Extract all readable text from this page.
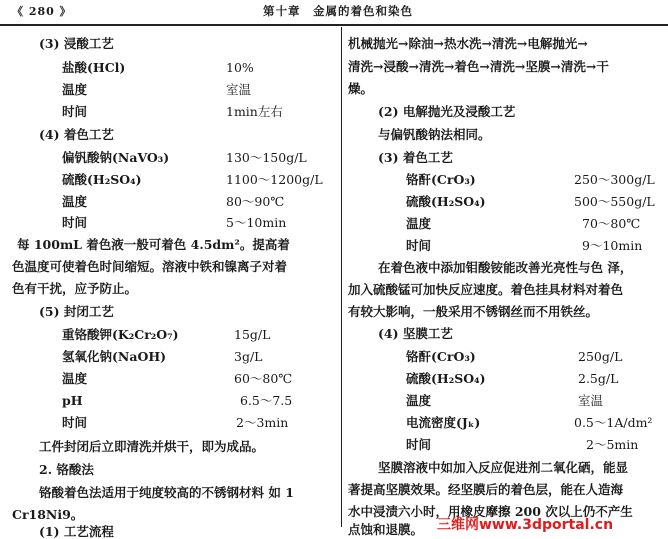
《 280 》	第十章　金属的着色和染色
(3) 浸酸工艺
盐酸(HCl)	10%
温度	室温
时间	1min左右
(4) 着色工艺
偏钒酸钠(NaVO₃)	130～150g/L
硫酸(H₂SO₄)	1100～1200g/L
温度	80～90℃
时间	5～10min
每 100mL 着色液一般可着色 4.5dm²。提高着
色温度可使着色时间缩短。溶液中铁和镍离子对着
色有干扰，应予防止。
(5) 封闭工艺
重铬酸钾(K₂Cr₂O₇)	15g/L
氢氧化钠(NaOH)	3g/L
温度	60～80℃
pH	6.5～7.5
时间	2～3min
工件封闭后立即清洗并烘干，即为成品。
2. 铬酸法
铬酸着色法适用于纯度较高的不锈钢材料 如 1
Cr18Ni9。
(1) 工艺流程
机械抛光→除油→热水洗→清洗→电解抛光→
清洗→浸酸→清洗→着色→清洗→坚膜→清洗→干
燥。
(2) 电解抛光及浸酸工艺
与偏钒酸钠法相同。
(3) 着色工艺
铬酐(CrO₃)	250～300g/L
硫酸(H₂SO₄)	500～550g/L
温度	70～80℃
时间	9～10min
在着色液中添加钼酸铵能改善光亮性与色 泽，
加入硫酸锰可加快反应速度。着色挂具材料对着色
有较大影响，一般采用不锈钢丝而不用铁丝。
(4) 坚膜工艺
铬酐(CrO₃)	250g/L
硫酸(H₂SO₄)	2.5g/L
温度	室温
电流密度(Jₖ)	0.5～1A/dm²
时间	2～5min
坚膜溶液中如加入反应促进剂二氧化硒，能显
著提高坚膜效果。经坚膜后的着色层，能在人造海
水中浸渍六小时，用橡皮摩擦 200 次以上仍不产生
点蚀和退膜。 三维网www.3dportal.cn
